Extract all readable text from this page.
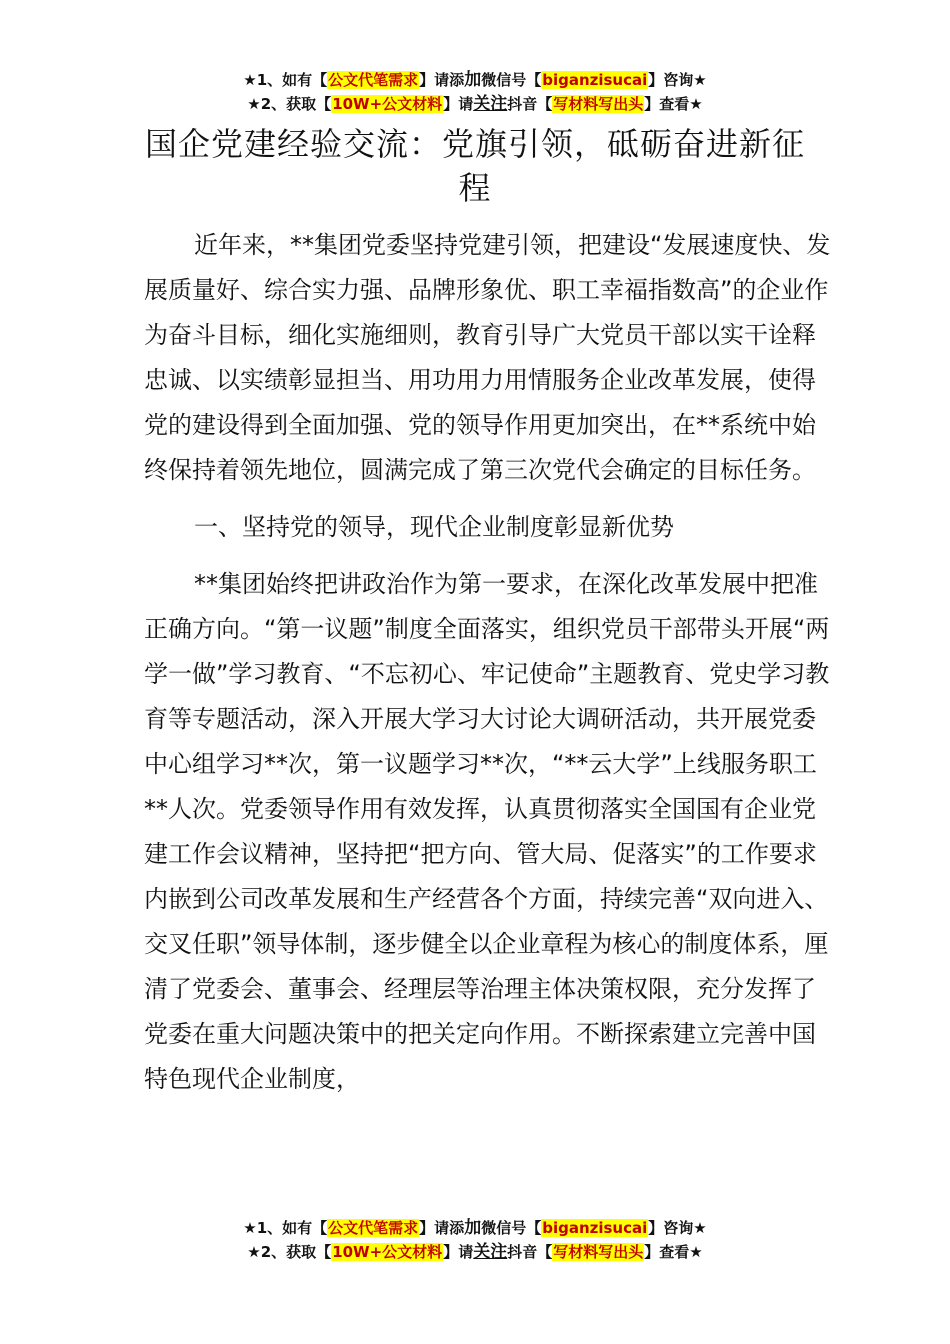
★1、如有【公文代笔需求】请添加微信号【biganzisucai】咨询★
★2、获取【10W+公文材料】请关注抖音【写材料写出头】查看★
国企党建经验交流：党旗引领，砥砺奋进新征程

近年来，**集团党委坚持党建引领，把建设“发展速度快、发展质量好、综合实力强、品牌形象优、职工幸福指数高”的企业作为奋斗目标，细化实施细则，教育引导广大党员干部以实干诠释忠诚、以实绩彰显担当、用功用力用情服务企业改革发展，使得党的建设得到全面加强、党的领导作用更加突出，在**系统中始终保持着领先地位，圆满完成了第三次党代会确定的目标任务。

一、坚持党的领导，现代企业制度彰显新优势

**集团始终把讲政治作为第一要求，在深化改革发展中把准正确方向。“第一议题”制度全面落实，组织党员干部带头开展“两学一做”学习教育、“不忘初心、牢记使命”主题教育、党史学习教育等专题活动，深入开展大学习大讨论大调研活动，共开展党委中心组学习**次，第一议题学习**次，“**云大学”上线服务职工**人次。党委领导作用有效发挥，认真贯彻落实全国国有企业党建工作会议精神，坚持把“把方向、管大局、促落实”的工作要求内嵌到公司改革发展和生产经营各个方面，持续完善“双向进入、交叉任职”领导体制，逐步健全以企业章程为核心的制度体系，厘清了党委会、董事会、经理层等治理主体决策权限，充分发挥了党委在重大问题决策中的把关定向作用。不断探索建立完善中国特色现代企业制度，

★1、如有【公文代笔需求】请添加微信号【biganzisucai】咨询★
★2、获取【10W+公文材料】请关注抖音【写材料写出头】查看★
